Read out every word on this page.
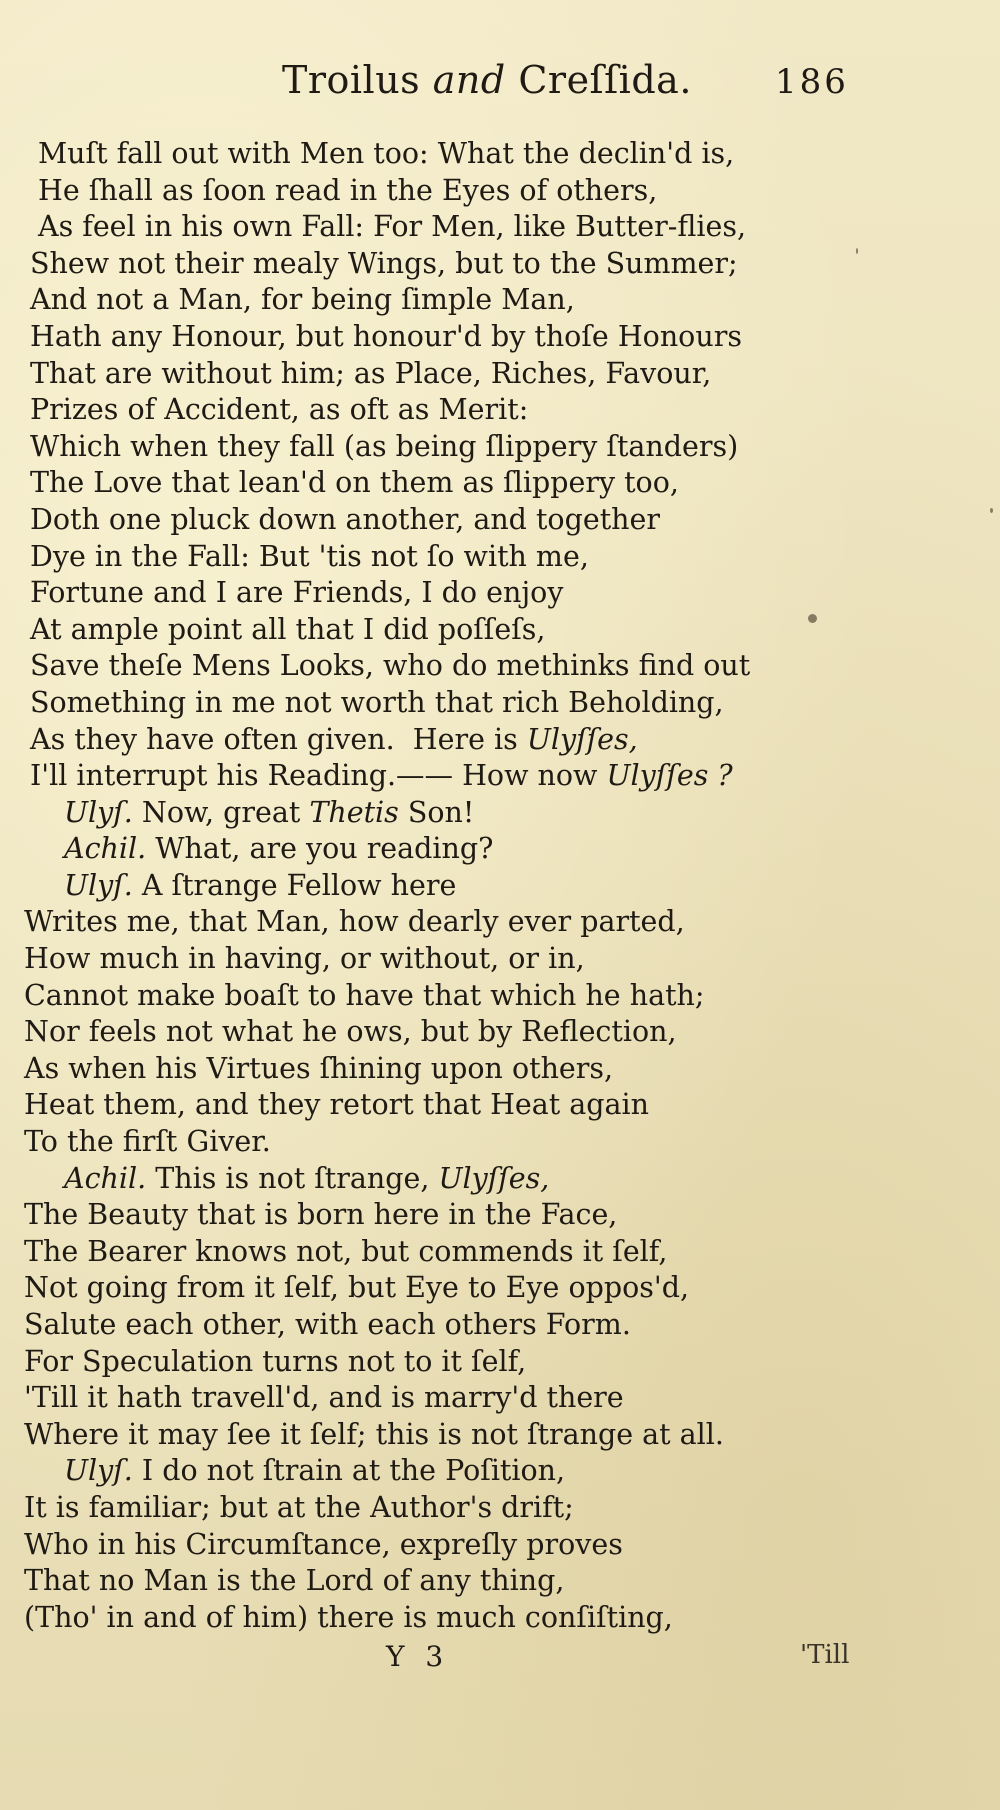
Troilus and Creſſida. 186
Muſt fall out with Men too: What the declin'd is,
He ſhall as ſoon read in the Eyes of others,
As feel in his own Fall: For Men, like Butter-flies,
Shew not their mealy Wings, but to the Summer;
And not a Man, for being ſimple Man,
Hath any Honour, but honour'd by thoſe Honours
That are without him; as Place, Riches, Favour,
Prizes of Accident, as oft as Merit:
Which when they fall (as being ſlippery ſtanders)
The Love that lean'd on them as ſlippery too,
Doth one pluck down another, and together
Dye in the Fall: But 'tis not ſo with me,
Fortune and I are Friends, I do enjoy
At ample point all that I did poſſeſs,
Save theſe Mens Looks, who do methinks find out
Something in me not worth that rich Beholding,
As they have often given.  Here is Ulyſſes,
I'll interrupt his Reading.—— How now Ulyſſes ?
Ulyſ. Now, great Thetis Son!
Achil. What, are you reading?
Ulyſ. A ſtrange Fellow here
Writes me, that Man, how dearly ever parted,
How much in having, or without, or in,
Cannot make boaſt to have that which he hath;
Nor feels not what he ows, but by Reflection,
As when his Virtues ſhining upon others,
Heat them, and they retort that Heat again
To the firſt Giver.
Achil. This is not ſtrange, Ulyſſes,
The Beauty that is born here in the Face,
The Bearer knows not, but commends it ſelf,
Not going from it ſelf, but Eye to Eye oppos'd,
Salute each other, with each others Form.
For Speculation turns not to it ſelf,
'Till it hath travell'd, and is marry'd there
Where it may ſee it ſelf; this is not ſtrange at all.
Ulyſ. I do not ſtrain at the Poſition,
It is familiar; but at the Author's drift;
Who in his Circumſtance, expreſly proves
That no Man is the Lord of any thing,
(Tho' in and of him) there is much conſiſting,
Y 3	'Till
